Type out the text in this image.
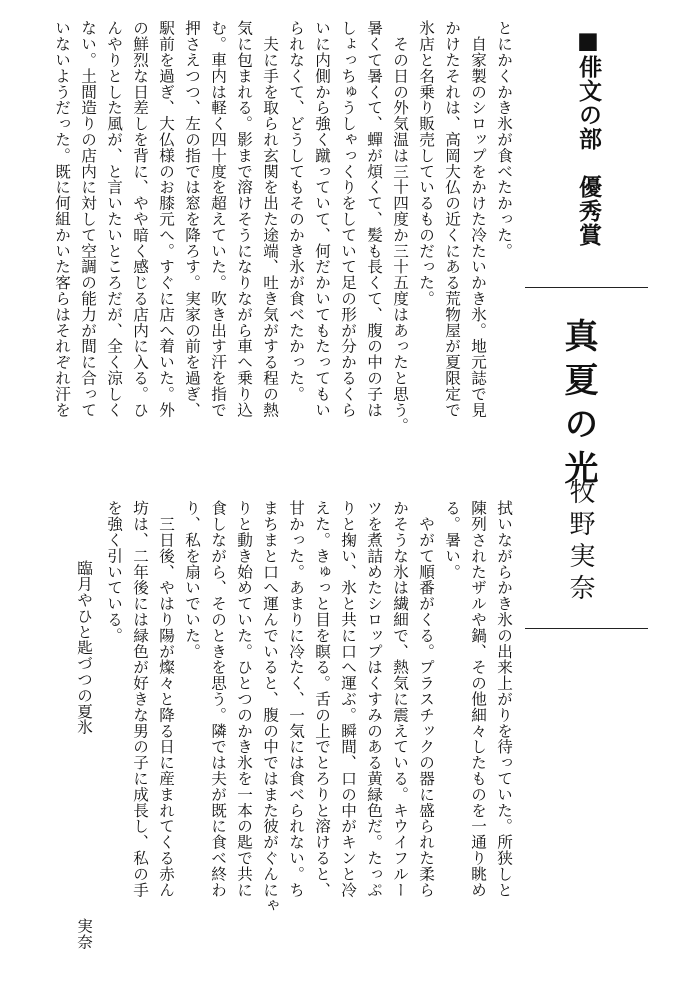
■俳文の部　優秀賞
真夏の光
牧野実奈
とにかくかき氷が食べたかった。
　自家製のシロップをかけた冷たいかき氷。地元誌で見
かけたそれは、高岡大仏の近くにある荒物屋が夏限定で
氷店と名乗り販売しているものだった。
　その日の外気温は三十四度か三十五度はあったと思う。
暑くて暑くて、蟬が煩くて、髪も長くて、腹の中の子は
しょっちゅうしゃっくりをしていて足の形が分かるくら
いに内側から強く蹴っていて、何だかいてもたってもい
られなくて、どうしてもそのかき氷が食べたかった。
　夫に手を取られ玄関を出た途端、吐き気がする程の熱
気に包まれる。影まで溶けそうになりながら車へ乗り込
む。車内は軽く四十度を超えていた。吹き出す汗を指で
押さえつつ、左の指では窓を降ろす。実家の前を過ぎ、
駅前を過ぎ、大仏様のお膝元へ。すぐに店へ着いた。外
の鮮烈な日差しを背に、やや暗く感じる店内に入る。ひ
んやりとした風が、と言いたいところだが、全く涼しく
ない。土間造りの店内に対して空調の能力が間に合って
いないようだった。既に何組かいた客らはそれぞれ汗を
拭いながらかき氷の出来上がりを待っていた。所狭しと
陳列されたザルや鍋、その他細々したものを一通り眺め
る。暑い。
　やがて順番がくる。プラスチックの器に盛られた柔ら
かそうな氷は繊細で、熱気に震えている。キウイフルー
ツを煮詰めたシロップはくすみのある黄緑色だ。たっぷ
りと掬い、氷と共に口へ運ぶ。瞬間、口の中がキンと冷
えた。きゅっと目を瞑る。舌の上でとろりと溶けると、
甘かった。あまりに冷たく、一気には食べられない。ち
まちまと口へ運んでいると、腹の中ではまた彼がぐんにゃ
りと動き始めていた。ひとつのかき氷を一本の匙で共に
食しながら、そのときを思う。隣では夫が既に食べ終わ
り、私を扇いでいた。
　三日後、やはり陽が燦々と降る日に産まれてくる赤ん
坊は、二年後には緑色が好きな男の子に成長し、私の手
を強く引いている。
臨月やひと匙づつの夏氷
実奈
